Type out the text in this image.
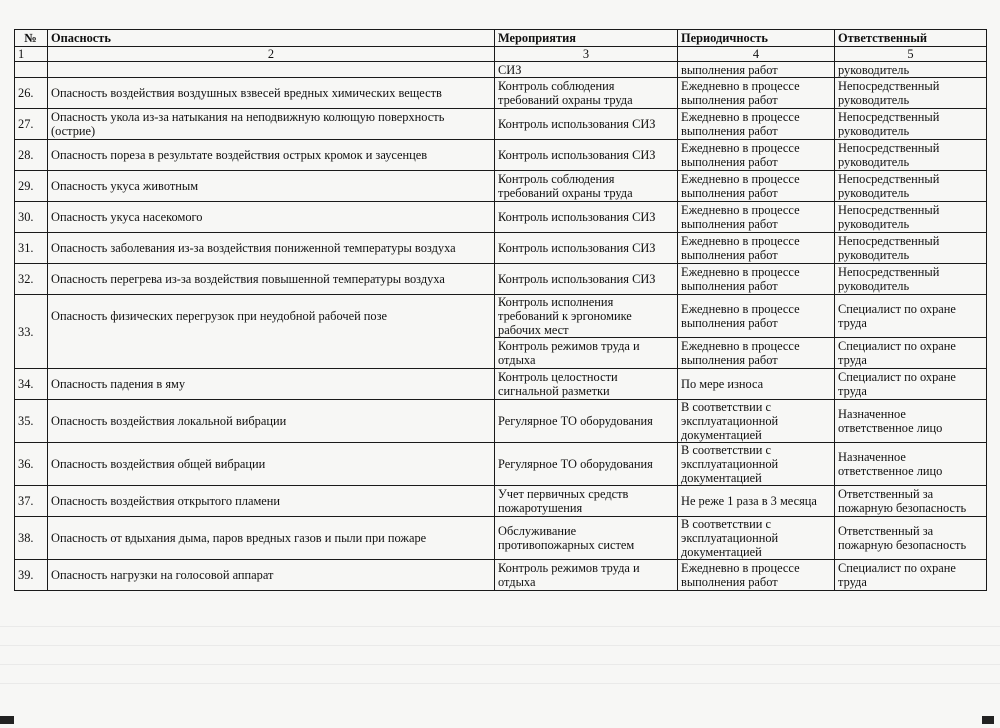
№	Опасность	Мероприятия	Периодичность	Ответственный
1	2	3	4	5
		СИЗ	выполнения работ	руководитель
26.	Опасность воздействия воздушных взвесей вредных химических веществ	Контроль соблюдения требований охраны труда	Ежедневно в процессе выполнения работ	Непосредственный руководитель
27.	Опасность укола из-за натыкания на неподвижную колющую поверхность (острие)	Контроль использования СИЗ	Ежедневно в процессе выполнения работ	Непосредственный руководитель
28.	Опасность пореза в результате воздействия острых кромок и заусенцев	Контроль использования СИЗ	Ежедневно в процессе выполнения работ	Непосредственный руководитель
29.	Опасность укуса животным	Контроль соблюдения требований охраны труда	Ежедневно в процессе выполнения работ	Непосредственный руководитель
30.	Опасность укуса насекомого	Контроль использования СИЗ	Ежедневно в процессе выполнения работ	Непосредственный руководитель
31.	Опасность заболевания из-за воздействия пониженной температуры воздуха	Контроль использования СИЗ	Ежедневно в процессе выполнения работ	Непосредственный руководитель
32.	Опасность перегрева из-за воздействия повышенной температуры воздуха	Контроль использования СИЗ	Ежедневно в процессе выполнения работ	Непосредственный руководитель
33.	Опасность физических перегрузок при неудобной рабочей позе	Контроль исполнения требований к эргономике рабочих мест	Ежедневно в процессе выполнения работ	Специалист по охране труда
		Контроль режимов труда и отдыха	Ежедневно в процессе выполнения работ	Специалист по охране труда
34.	Опасность падения в яму	Контроль целостности сигнальной разметки	По мере износа	Специалист по охране труда
35.	Опасность воздействия локальной вибрации	Регулярное ТО оборудования	В соответствии с эксплуатационной документацией	Назначенное ответственное лицо
36.	Опасность воздействия общей вибрации	Регулярное ТО оборудования	В соответствии с эксплуатационной документацией	Назначенное ответственное лицо
37.	Опасность воздействия открытого пламени	Учет первичных средств пожаротушения	Не реже 1 раза в 3 месяца	Ответственный за пожарную безопасность
38.	Опасность от вдыхания дыма, паров вредных газов и пыли при пожаре	Обслуживание противопожарных систем	В соответствии с эксплуатационной документацией	Ответственный за пожарную безопасность
39.	Опасность нагрузки на голосовой аппарат	Контроль режимов труда и отдыха	Ежедневно в процессе выполнения работ	Специалист по охране труда
